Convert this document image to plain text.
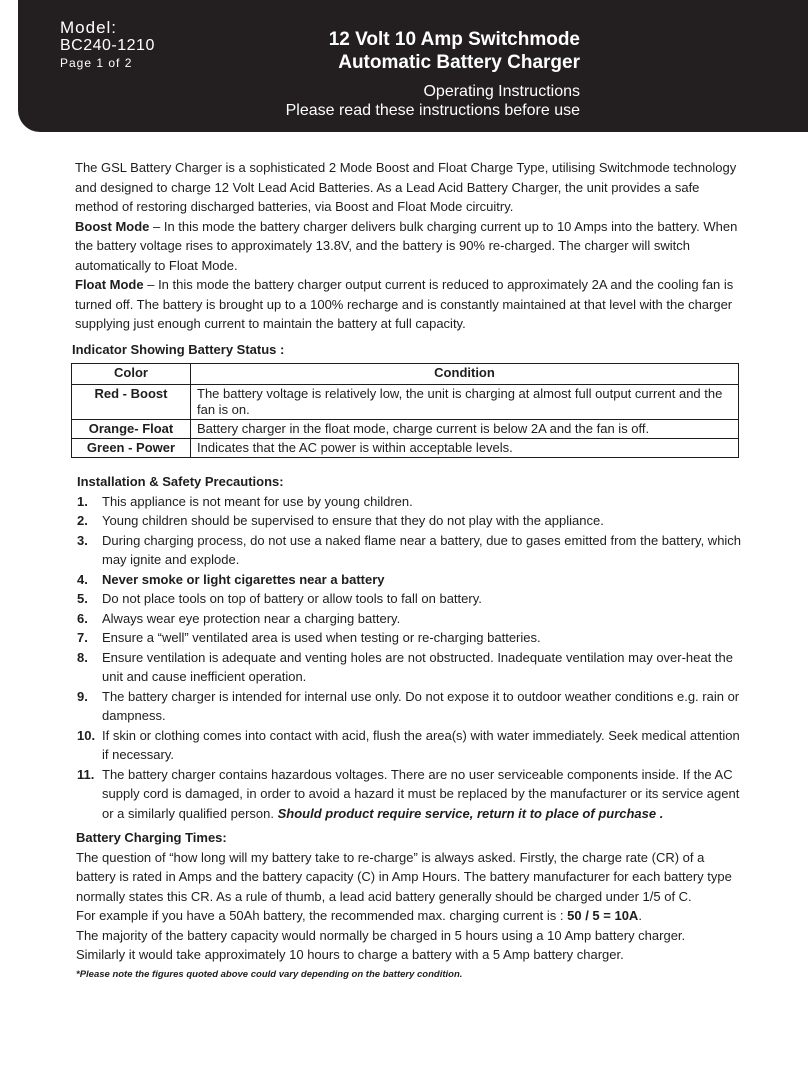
Model:
BC240-1210
Page 1 of 2
12 Volt 10 Amp Switchmode
Automatic Battery Charger
Operating Instructions
Please read these instructions before use

The GSL Battery Charger is a sophisticated 2 Mode Boost and Float Charge Type, utilising Switchmode technology and designed to charge 12 Volt Lead Acid Batteries. As a Lead Acid Battery Charger, the unit provides a safe method of restoring discharged batteries, via Boost and Float Mode circuitry.

Boost Mode – In this mode the battery charger delivers bulk charging current up to 10 Amps into the battery. When the battery voltage rises to approximately 13.8V, and the battery is 90% re-charged. The charger will switch automatically to Float Mode.

Float Mode – In this mode the battery charger output current is reduced to approximately 2A and the cooling fan is turned off. The battery is brought up to a 100% recharge and is constantly maintained at that level with the charger supplying just enough current to maintain the battery at full capacity.

Indicator Showing Battery Status :
Color	Condition
Red - Boost	The battery voltage is relatively low, the unit is charging at almost full output current and the fan is on.
Orange- Float	Battery charger in the float mode, charge current is below 2A and the fan is off.
Green - Power	Indicates that the AC power is within acceptable levels.
Installation & Safety Precautions:
1. This appliance is not meant for use by young children.
2. Young children should be supervised to ensure that they do not play with the appliance.
3. During charging process, do not use a naked flame near a battery, due to gases emitted from the battery, which may ignite and explode.
4. Never smoke or light cigarettes near a battery
5. Do not place tools on top of battery or allow tools to fall on battery.
6. Always wear eye protection near a charging battery.
7. Ensure a “well” ventilated area is used when testing or re-charging batteries.
8. Ensure ventilation is adequate and venting holes are not obstructed. Inadequate ventilation may over-heat the unit and cause inefficient operation.
9. The battery charger is intended for internal use only. Do not expose it to outdoor weather conditions e.g. rain or dampness.
10. If skin or clothing comes into contact with acid, flush the area(s) with water immediately. Seek medical attention if necessary.
11. The battery charger contains hazardous voltages. There are no user serviceable components inside. If the AC supply cord is damaged, in order to avoid a hazard it must be replaced by the manufacturer or its service agent or a similarly qualified person. Should product require service, return it to place of purchase .
Battery Charging Times:

The question of “how long will my battery take to re-charge” is always asked. Firstly, the charge rate (CR) of a battery is rated in Amps and the battery capacity (C) in Amp Hours. The battery manufacturer for each battery type normally states this CR. As a rule of thumb, a lead acid battery generally should be charged under 1/5 of C.

For example if you have a 50Ah battery, the recommended max. charging current is : 50 / 5 = 10A.

The majority of the battery capacity would normally be charged in 5 hours using a 10 Amp battery charger.

Similarly it would take approximately 10 hours to charge a battery with a 5 Amp battery charger.

*Please note the figures quoted above could vary depending on the battery condition.
